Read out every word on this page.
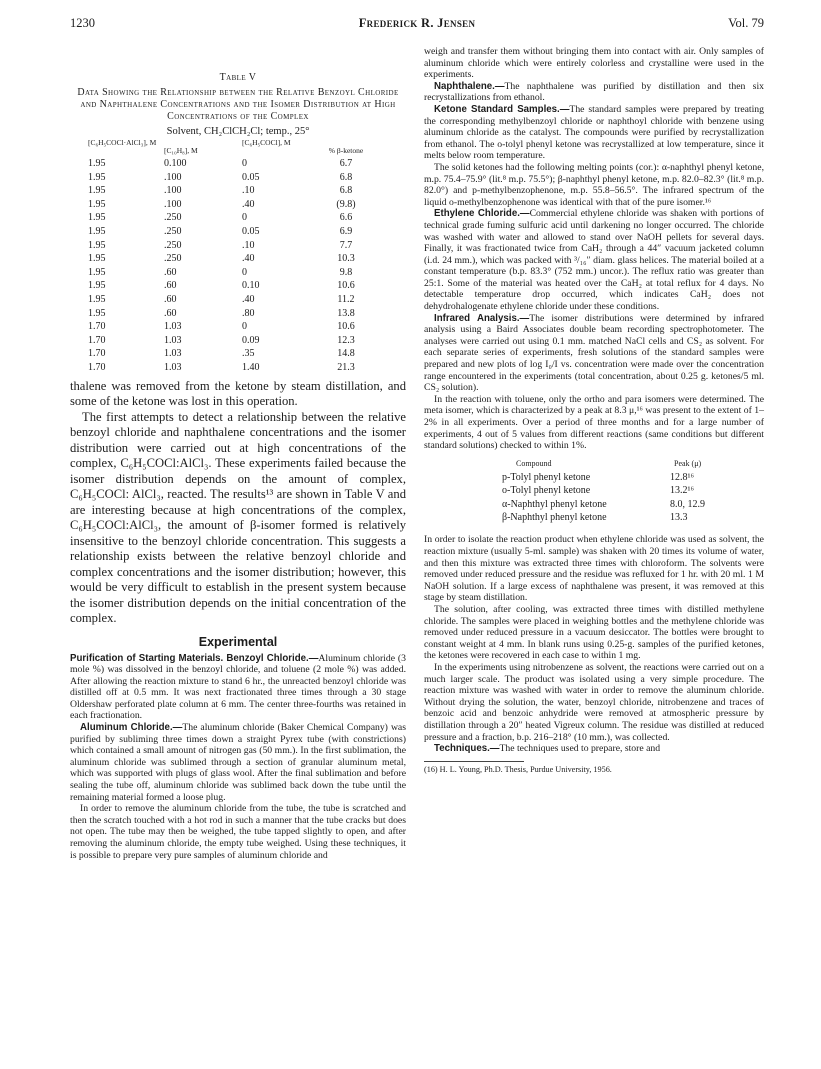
1230	Frederick R. Jensen	Vol. 79
Table V
Data Showing the Relationship between the Relative Benzoyl Chloride and Naphthalene Concentrations and the Isomer Distribution at High Concentrations of the Complex
Solvent, CH₂ClCH₂Cl; temp., 25°
[C₆H₅COCl·AlCl₃], M	[C₁₀H₈], M	[C₆H₅COCl], M	% β-ketone
1.95	0.100	0	6.7
1.95	.100	0.05	6.8
1.95	.100	.10	6.8
1.95	.100	.40	(9.8)
1.95	.250	0	6.6
1.95	.250	0.05	6.9
1.95	.250	.10	7.7
1.95	.250	.40	10.3
1.95	.60	0	9.8
1.95	.60	0.10	10.6
1.95	.60	.40	11.2
1.95	.60	.80	13.8
1.70	1.03	0	10.6
1.70	1.03	0.09	12.3
1.70	1.03	.35	14.8
1.70	1.03	1.40	21.3

thalene was removed from the ketone by steam distillation, and some of the ketone was lost in this operation.

The first attempts to detect a relationship between the relative benzoyl chloride and naphthalene concentrations and the isomer distribution were carried out at high concentrations of the complex, C₆H₅COCl:AlCl₃. These experiments failed because the isomer distribution depends on the amount of complex, C₆H₅COCl: AlCl₃, reacted. The results¹³ are shown in Table V and are interesting because at high concentrations of the complex, C₆H₅COCl:AlCl₃, the amount of β-isomer formed is relatively insensitive to the benzoyl chloride concentration. This suggests a relationship exists between the relative benzoyl chloride and complex concentrations and the isomer distribution; however, this would be very difficult to establish in the present system because the isomer distribution depends on the initial concentration of the complex.

Experimental

Purification of Starting Materials. Benzoyl Chloride.—Aluminum chloride (3 mole %) was dissolved in the benzoyl chloride, and toluene (2 mole %) was added. After allowing the reaction mixture to stand 6 hr., the unreacted benzoyl chloride was distilled off at 0.5 mm. It was next fractionated three times through a 30 stage Oldershaw perforated plate column at 6 mm. The center three-fourths was retained in each fractionation.

Aluminum Chloride.—The aluminum chloride (Baker Chemical Company) was purified by subliming three times down a straight Pyrex tube (with constrictions) which contained a small amount of nitrogen gas (50 mm.). In the first sublimation, the aluminum chloride was sublimed through a section of granular aluminum metal, which was supported with plugs of glass wool. After the final sublimation and before sealing the tube off, aluminum chloride was sublimed back down the tube until the remaining material formed a loose plug.

In order to remove the aluminum chloride from the tube, the tube is scratched and then the scratch touched with a hot rod in such a manner that the tube cracks but does not open. The tube may then be weighed, the tube tapped slightly to open, and after removing the aluminum chloride, the empty tube weighed. Using these techniques, it is possible to prepare very pure samples of aluminum chloride and

weigh and transfer them without bringing them into contact with air. Only samples of aluminum chloride which were entirely colorless and crystalline were used in the experiments.

Naphthalene.—The naphthalene was purified by distillation and then six recrystallizations from ethanol.

Ketone Standard Samples.—The standard samples were prepared by treating the corresponding methylbenzoyl chloride or naphthoyl chloride with benzene using aluminum chloride as the catalyst. The compounds were purified by recrystallization from ethanol. The o-tolyl phenyl ketone was recrystallized at low temperature, since it melts below room temperature.

The solid ketones had the following melting points (cor.): α-naphthyl phenyl ketone, m.p. 75.4–75.9° (lit.⁸ m.p. 75.5°); β-naphthyl phenyl ketone, m.p. 82.0–82.3° (lit.⁸ m.p. 82.0°) and p-methylbenzophenone, m.p. 55.8–56.5°. The infrared spectrum of the liquid o-methylbenzophenone was identical with that of the pure isomer.¹⁶

Ethylene Chloride.—Commercial ethylene chloride was shaken with portions of technical grade fuming sulfuric acid until darkening no longer occurred. The chloride was washed with water and allowed to stand over NaOH pellets for several days. Finally, it was fractionated twice from CaH₂ through a 44″ vacuum jacketed column (i.d. 24 mm.), which was packed with ³/₁₆″ diam. glass helices. The material boiled at a constant temperature (b.p. 83.3° (752 mm.) uncor.). The reflux ratio was greater than 25:1. Some of the material was heated over the CaH₂ at total reflux for 4 days. No detectable temperature drop occurred, which indicates CaH₂ does not dehydrohalogenate ethylene chloride under these conditions.

Infrared Analysis.—The isomer distributions were determined by infrared analysis using a Baird Associates double beam recording spectrophotometer. The analyses were carried out using 0.1 mm. matched NaCl cells and CS₂ as solvent. For each separate series of experiments, fresh solutions of the standard samples were prepared and new plots of log I₀/I vs. concentration were made over the concentration range encountered in the experiments (total concentration, about 0.25 g. ketones/5 ml. CS₂ solution).

In the reaction with toluene, only the ortho and para isomers were determined. The meta isomer, which is characterized by a peak at 8.3 μ,¹⁶ was present to the extent of 1–2% in all experiments. Over a period of three months and for a large number of experiments, 4 out of 5 values from different reactions (same conditions but different standard solutions) checked to within 1%.

Compound	Peak (μ)
p-Tolyl phenyl ketone	12.8¹⁶
o-Tolyl phenyl ketone	13.2¹⁶
α-Naphthyl phenyl ketone	8.0, 12.9
β-Naphthyl phenyl ketone	13.3

In order to isolate the reaction product when ethylene chloride was used as solvent, the reaction mixture (usually 5-ml. sample) was shaken with 20 times its volume of water, and then this mixture was extracted three times with chloroform. The solvents were removed under reduced pressure and the residue was refluxed for 1 hr. with 20 ml. 1 M NaOH solution. If a large excess of naphthalene was present, it was removed at this stage by steam distillation.

The solution, after cooling, was extracted three times with distilled methylene chloride. The samples were placed in weighing bottles and the methylene chloride was removed under reduced pressure in a vacuum desiccator. The bottles were brought to constant weight at 4 mm. In blank runs using 0.25-g. samples of the purified ketones, the ketones were recovered in each case to within 1 mg.

In the experiments using nitrobenzene as solvent, the reactions were carried out on a much larger scale. The product was isolated using a very simple procedure. The reaction mixture was washed with water in order to remove the aluminum chloride. Without drying the solution, the water, benzoyl chloride, nitrobenzene and traces of benzoic acid and benzoic anhydride were removed at atmospheric pressure by distillation through a 20″ heated Vigreux column. The residue was distilled at reduced pressure and a fraction, b.p. 216–218° (10 mm.), was collected.

Techniques.—The techniques used to prepare, store and

(16) H. L. Young, Ph.D. Thesis, Purdue University, 1956.
